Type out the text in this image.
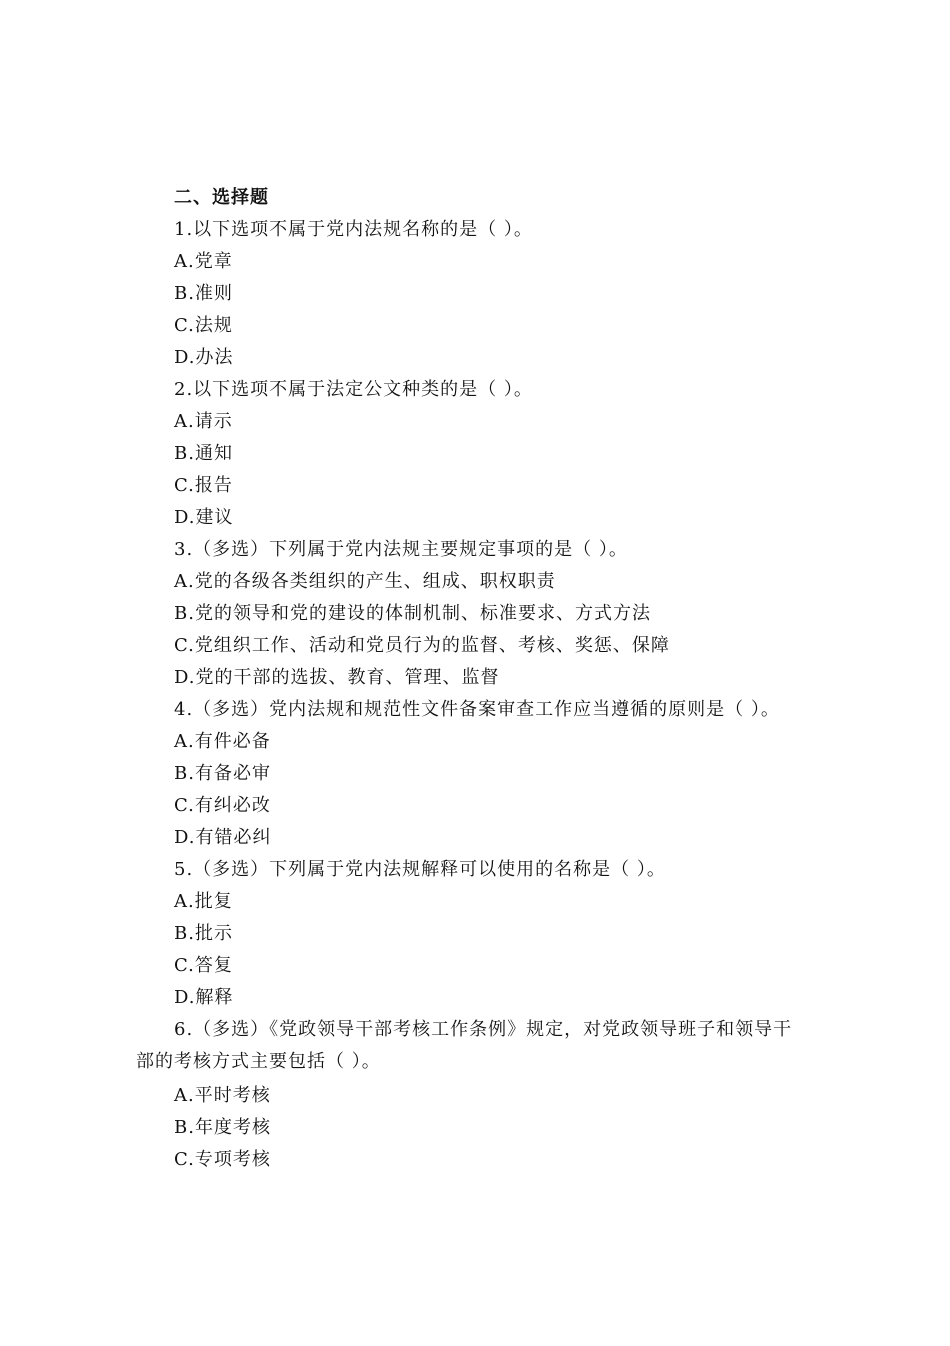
二、选择题
1.以下选项不属于党内法规名称的是（ ）。
A.党章
B.准则
C.法规
D.办法
2.以下选项不属于法定公文种类的是（ ）。
A.请示
B.通知
C.报告
D.建议
3.（多选）下列属于党内法规主要规定事项的是（ ）。
A.党的各级各类组织的产生、组成、职权职责
B.党的领导和党的建设的体制机制、标准要求、方式方法
C.党组织工作、活动和党员行为的监督、考核、奖惩、保障
D.党的干部的选拔、教育、管理、监督
4.（多选）党内法规和规范性文件备案审查工作应当遵循的原则是（ ）。
A.有件必备
B.有备必审
C.有纠必改
D.有错必纠
5.（多选）下列属于党内法规解释可以使用的名称是（ ）。
A.批复
B.批示
C.答复
D.解释
6.（多选）《党政领导干部考核工作条例》规定，对党政领导班子和领导干
部的考核方式主要包括（ ）。
A.平时考核
B.年度考核
C.专项考核
